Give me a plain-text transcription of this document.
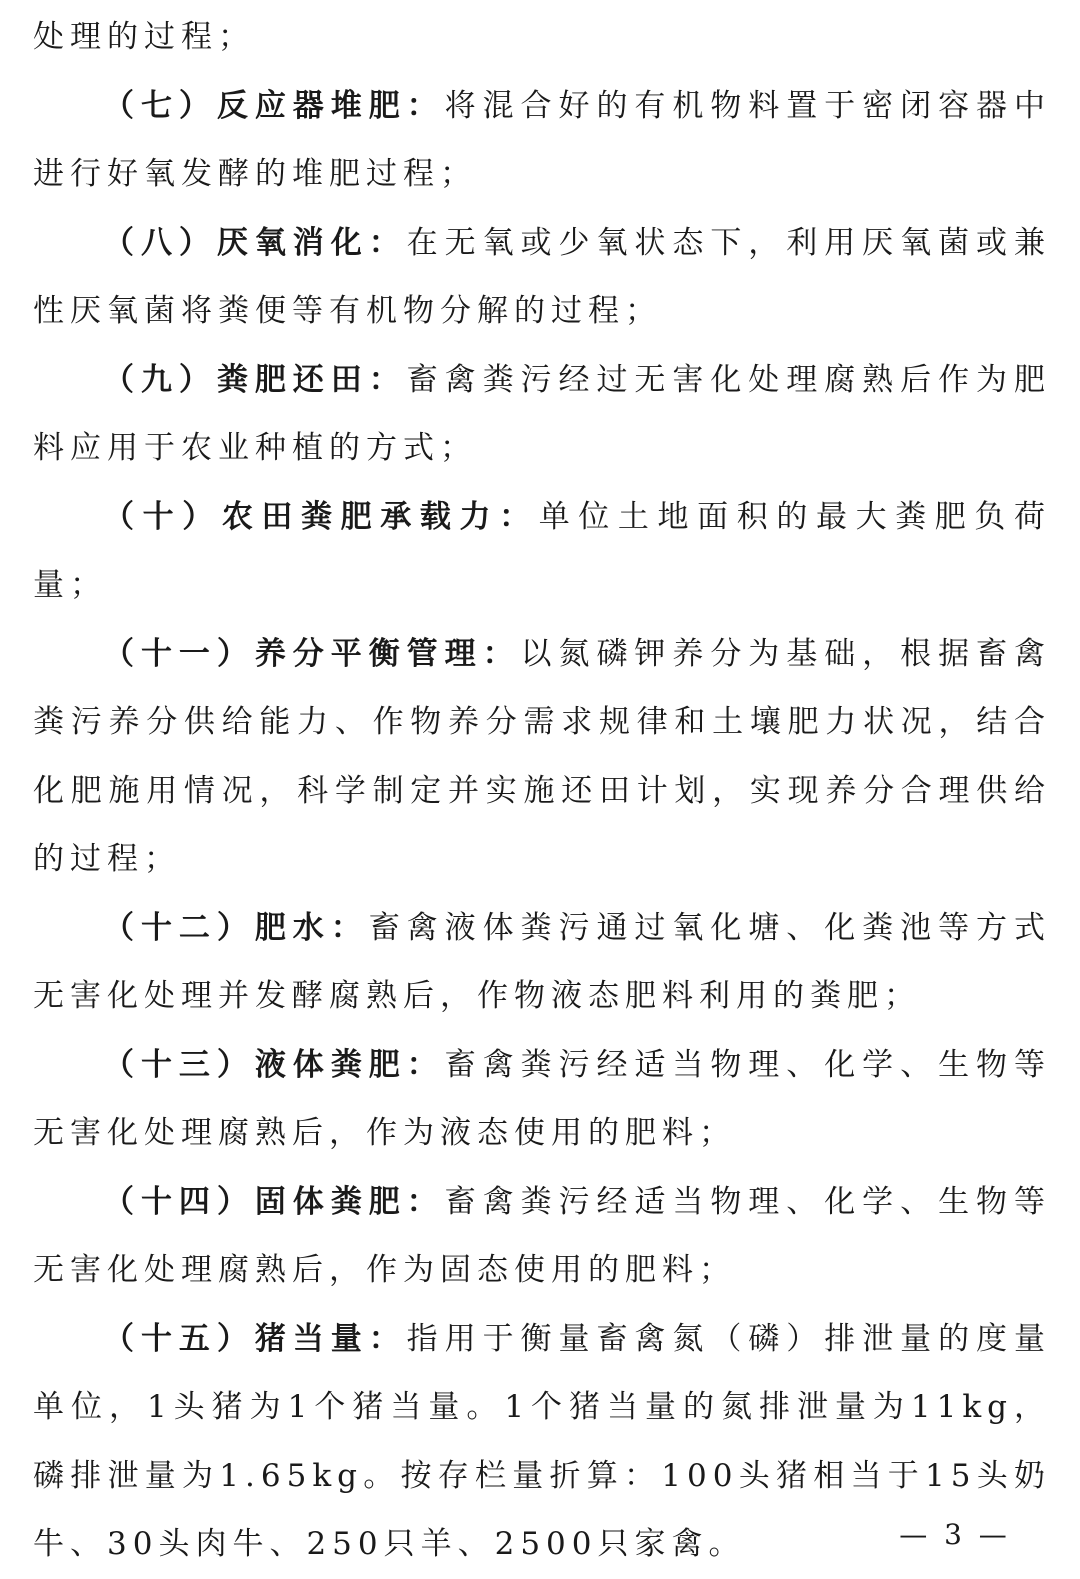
处理的过程；

（七）反应器堆肥：将混合好的有机物料置于密闭容器中进行好氧发酵的堆肥过程；

（八）厌氧消化：在无氧或少氧状态下，利用厌氧菌或兼性厌氧菌将粪便等有机物分解的过程；

（九）粪肥还田：畜禽粪污经过无害化处理腐熟后作为肥料应用于农业种植的方式；

（十）农田粪肥承载力：单位土地面积的最大粪肥负荷量；

（十一）养分平衡管理：以氮磷钾养分为基础，根据畜禽粪污养分供给能力、作物养分需求规律和土壤肥力状况，结合化肥施用情况，科学制定并实施还田计划，实现养分合理供给的过程；

（十二）肥水：畜禽液体粪污通过氧化塘、化粪池等方式无害化处理并发酵腐熟后，作物液态肥料利用的粪肥；

（十三）液体粪肥：畜禽粪污经适当物理、化学、生物等无害化处理腐熟后，作为液态使用的肥料；

（十四）固体粪肥：畜禽粪污经适当物理、化学、生物等无害化处理腐熟后，作为固态使用的肥料；

（十五）猪当量：指用于衡量畜禽氮（磷）排泄量的度量单位，1头猪为1个猪当量。1个猪当量的氮排泄量为11kg，磷排泄量为1.65kg。按存栏量折算：100头猪相当于15头奶牛、30头肉牛、250只羊、2500只家禽。	— 3 —
